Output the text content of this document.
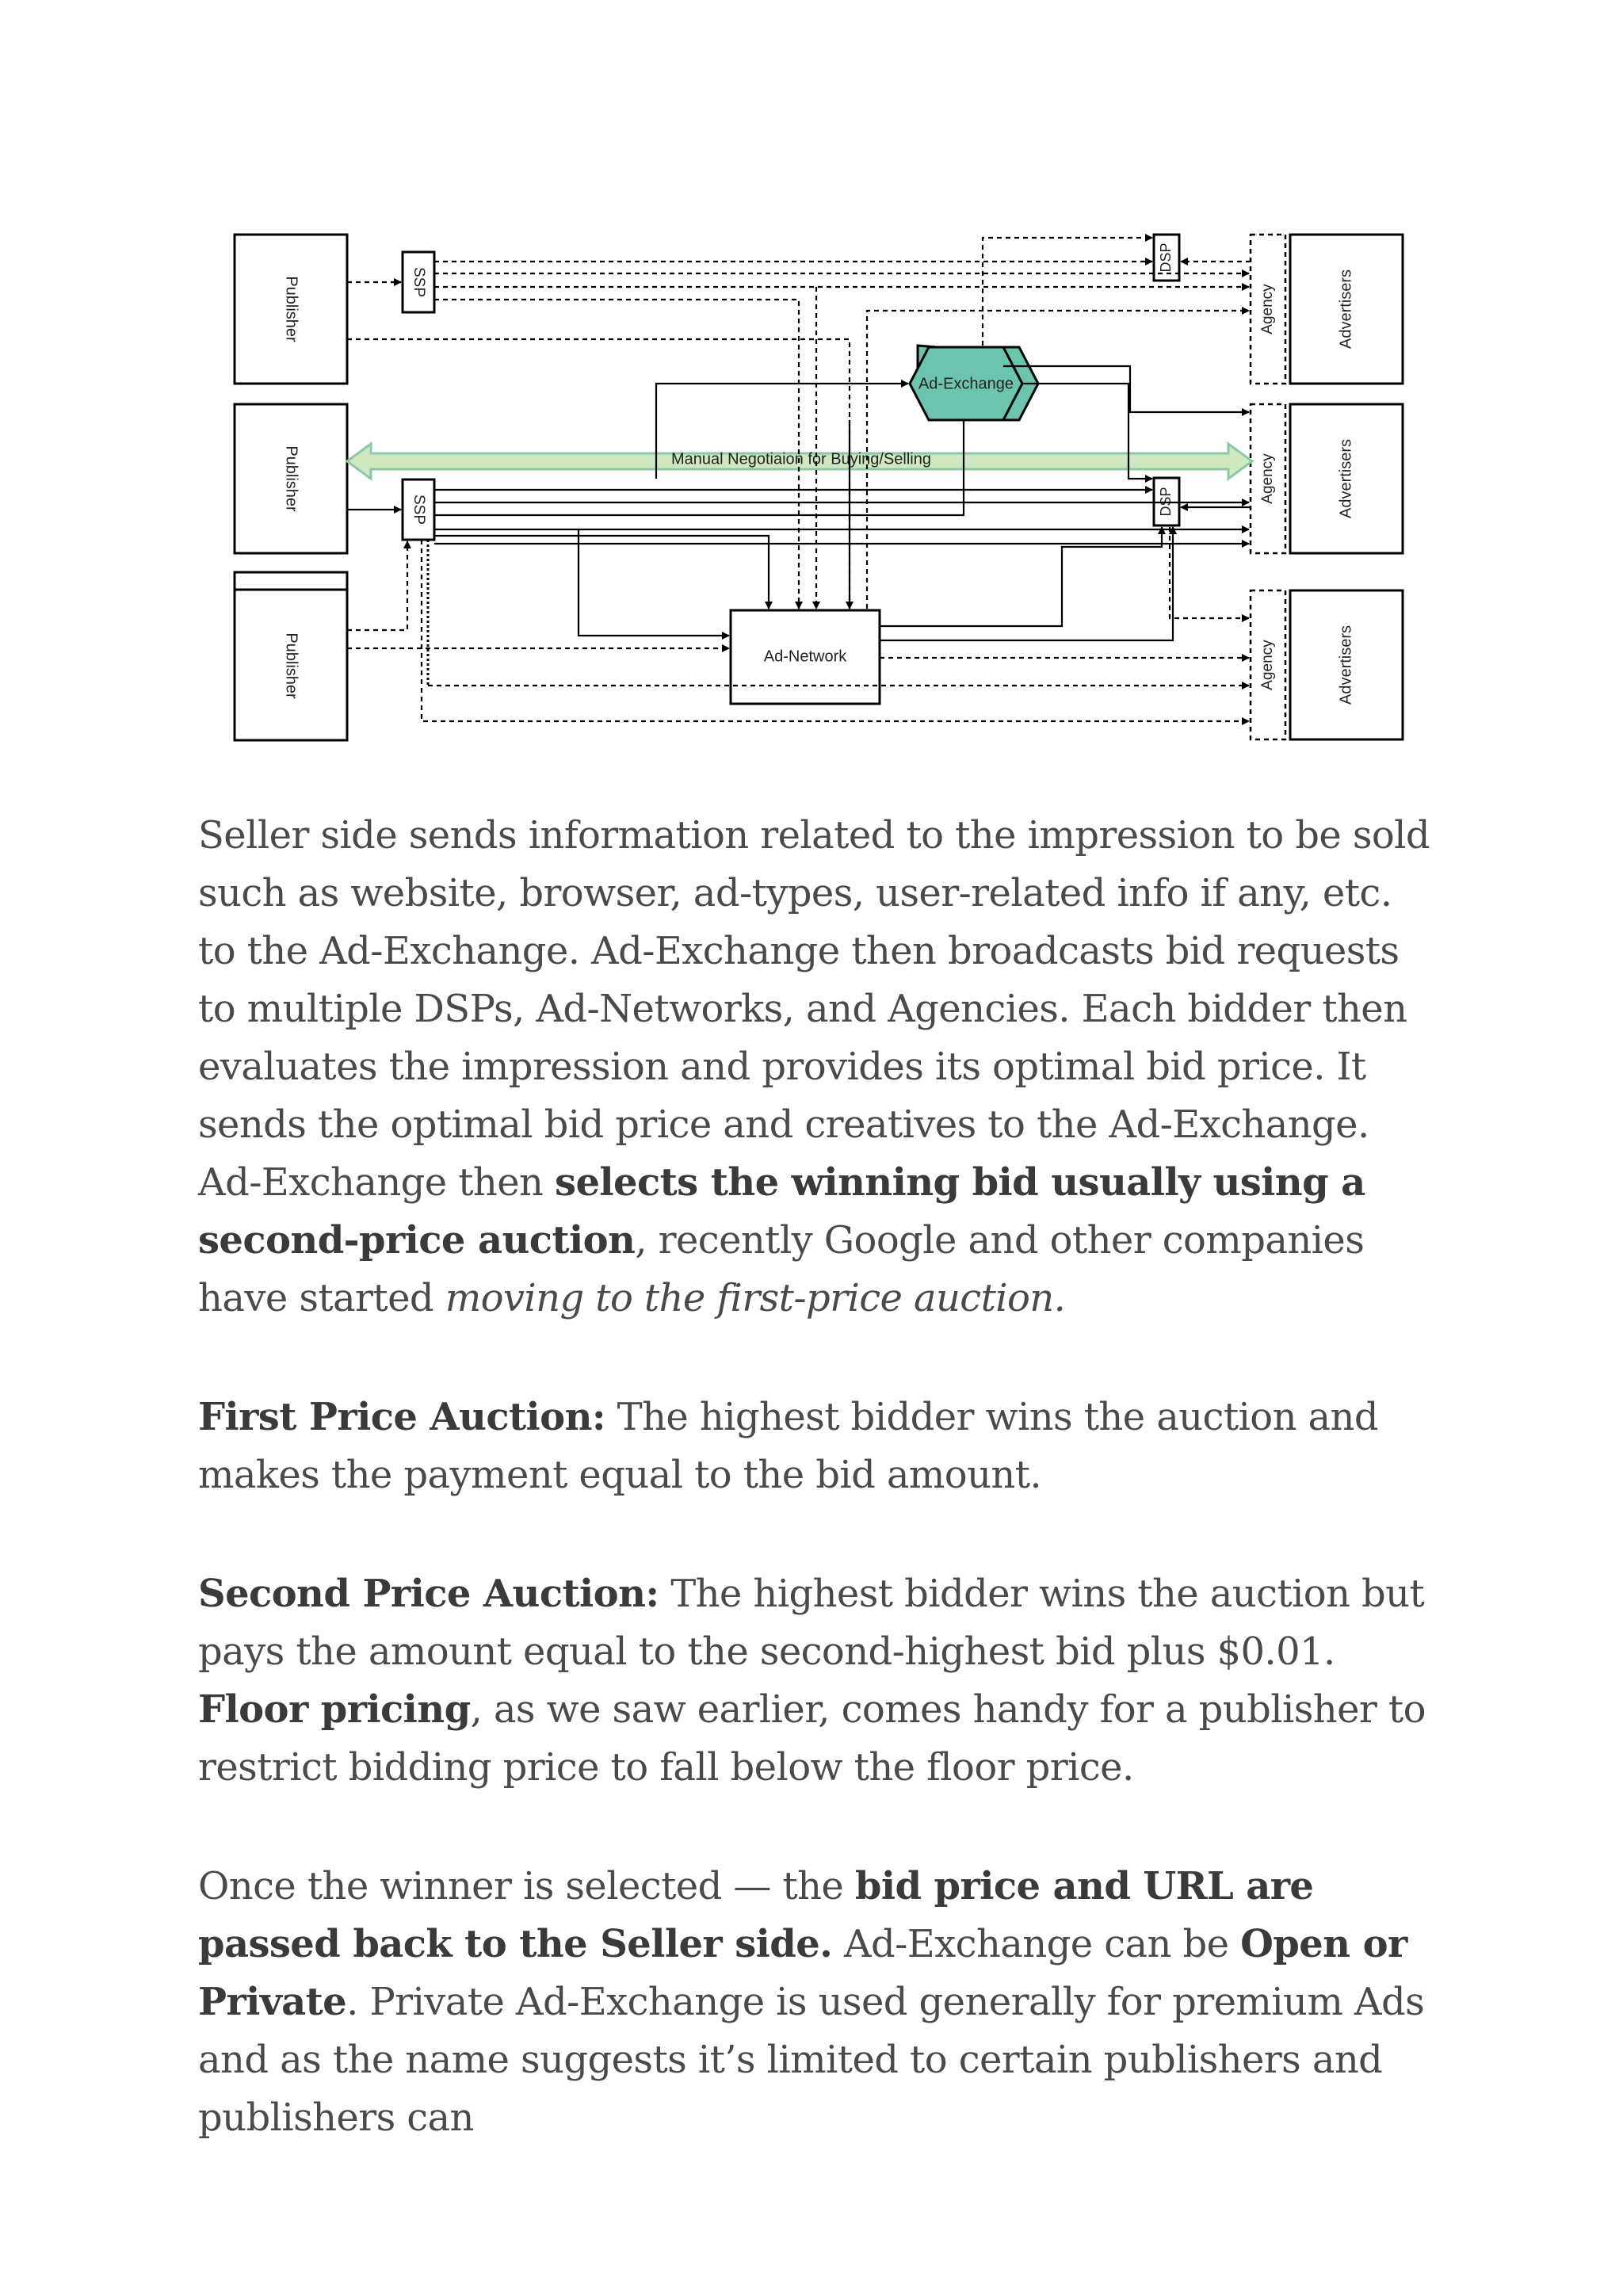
Publisher
Publisher
Publisher
SSP
SSP
DSP
DSP
Agency
Agency
Agency
Advertisers
Advertisers
Advertisers
Ad-Exchange
Ad-Network
Manual Negotiaion for Buying/Selling

Seller side sends information related to the impression to be sold such as website, browser, ad-types, user-related info if any, etc. to the Ad-Exchange. Ad-Exchange then broadcasts bid requests to multiple DSPs, Ad-Networks, and Agencies. Each bidder then evaluates the impression and provides its optimal bid price. It sends the optimal bid price and creatives to the Ad-Exchange. Ad-Exchange then selects the winning bid usually using a second-price auction, recently Google and other companies have started moving to the first-price auction.

First Price Auction: The highest bidder wins the auction and makes the payment equal to the bid amount.

Second Price Auction: The highest bidder wins the auction but pays the amount equal to the second-highest bid plus $0.01. Floor pricing, as we saw earlier, comes handy for a publisher to restrict bidding price to fall below the floor price.

Once the winner is selected — the bid price and URL are passed back to the Seller side. Ad-Exchange can be Open or Private. Private Ad-Exchange is used generally for premium Ads and as the name suggests it’s limited to certain publishers and publishers can
